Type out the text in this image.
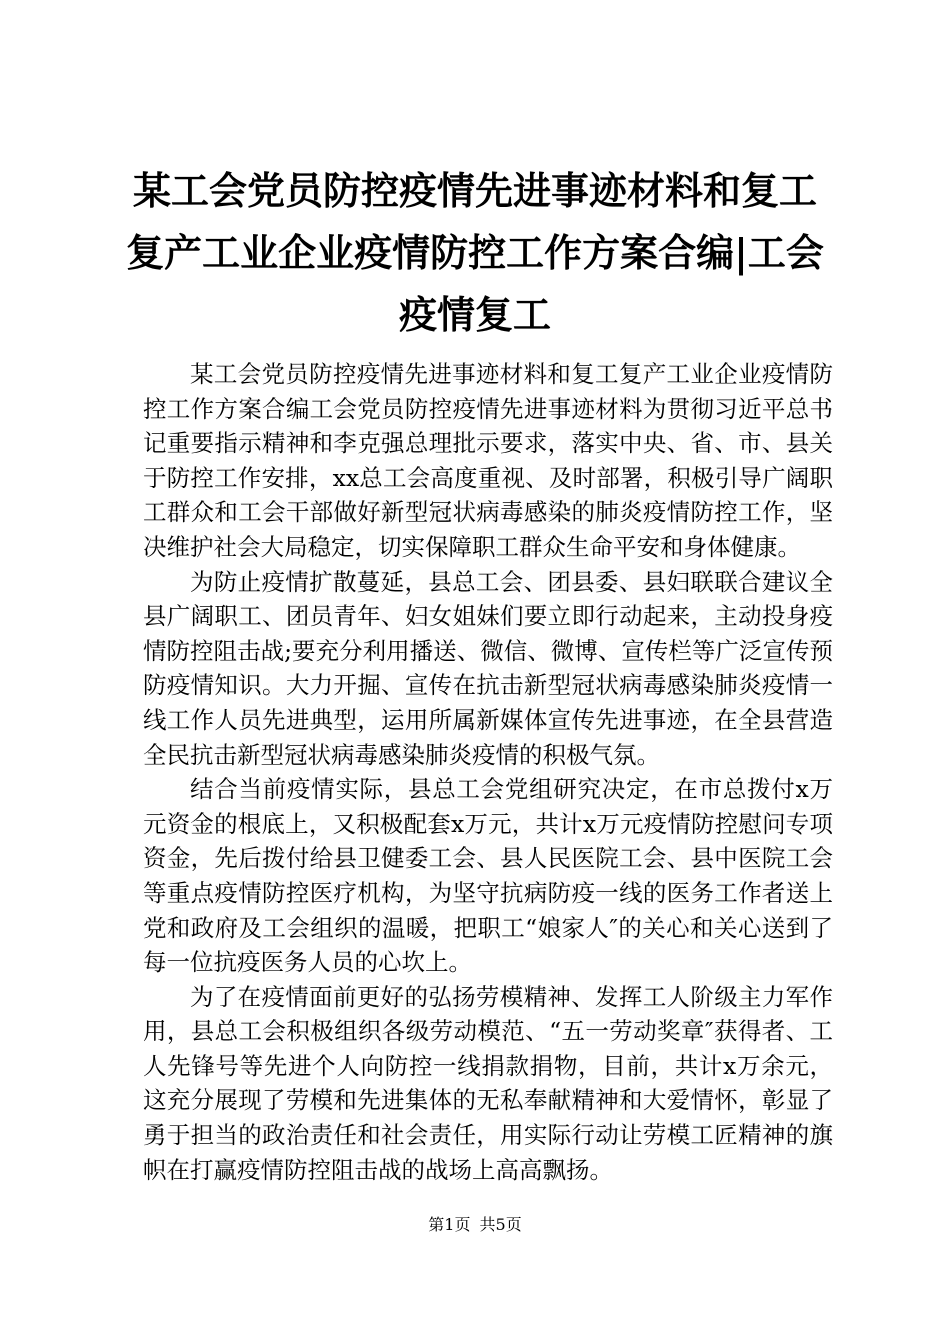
某工会党员防控疫情先进事迹材料和复工复产工业企业疫情防控工作方案合编|工会疫情复工

某工会党员防控疫情先进事迹材料和复工复产工业企业疫情防控工作方案合编工会党员防控疫情先进事迹材料为贯彻习近平总书记重要指示精神和李克强总理批示要求，落实中央、省、市、县关于防控工作安排，xx总工会高度重视、及时部署，积极引导广阔职工群众和工会干部做好新型冠状病毒感染的肺炎疫情防控工作，坚决维护社会大局稳定，切实保障职工群众生命平安和身体健康。

为防止疫情扩散蔓延，县总工会、团县委、县妇联联合建议全县广阔职工、团员青年、妇女姐妹们要立即行动起来，主动投身疫情防控阻击战;要充分利用播送、微信、微博、宣传栏等广泛宣传预防疫情知识。大力开掘、宣传在抗击新型冠状病毒感染肺炎疫情一线工作人员先进典型，运用所属新媒体宣传先进事迹，在全县营造全民抗击新型冠状病毒感染肺炎疫情的积极气氛。

结合当前疫情实际，县总工会党组研究决定，在市总拨付x万元资金的根底上，又积极配套x万元，共计x万元疫情防控慰问专项资金，先后拨付给县卫健委工会、县人民医院工会、县中医院工会等重点疫情防控医疗机构，为坚守抗病防疫一线的医务工作者送上党和政府及工会组织的温暖，把职工“娘家人″的关心和关心送到了每一位抗疫医务人员的心坎上。

为了在疫情面前更好的弘扬劳模精神、发挥工人阶级主力军作用，县总工会积极组织各级劳动模范、“五一劳动奖章″获得者、工人先锋号等先进个人向防控一线捐款捐物，目前，共计x万余元，这充分展现了劳模和先进集体的无私奉献精神和大爱情怀，彰显了勇于担当的政治责任和社会责任，用实际行动让劳模工匠精神的旗帜在打赢疫情防控阻击战的战场上高高飘扬。

第1页 共5页
